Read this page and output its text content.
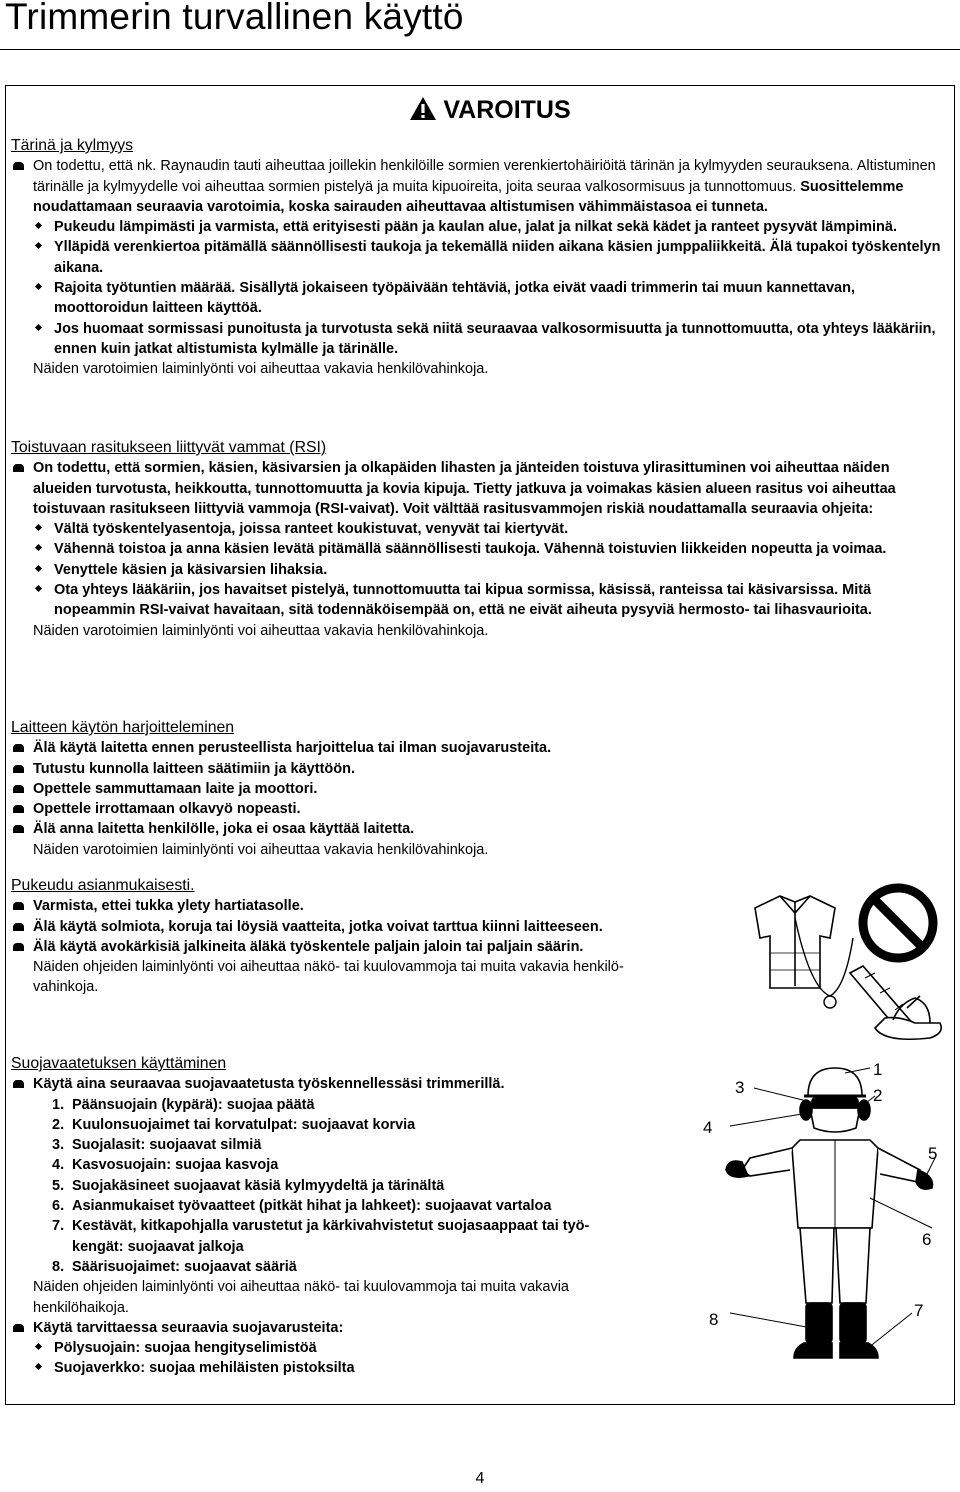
Trimmerin turvallinen käyttö
VAROITUS
Tärinä ja kylmyys
On todettu, että nk. Raynaudin tauti aiheuttaa joillekin henkilöille sormien verenkiertohäiriöitä tärinän ja kylmyyden seurauksena. Altistuminen tärinälle ja kylmyydelle voi aiheuttaa sormien pistelyä ja muita kipuoireita, joita seuraa valkosormisuus ja tunnottomuus. Suosittelemme noudattamaan seuraavia varotoimia, koska sairauden aiheuttavaa altistumisen vähimmäistasoa ei tunneta.
Pukeudu lämpimästi ja varmista, että erityisesti pään ja kaulan alue, jalat ja nilkat sekä kädet ja ranteet pysyvät lämpiminä.
Ylläpidä verenkiertoa pitämällä säännöllisesti taukoja ja tekemällä niiden aikana käsien jumppaliikkeitä. Älä tupakoi työskentelyn aikana.
Rajoita työtuntien määrää. Sisällytä jokaiseen työpäivään tehtäviä, jotka eivät vaadi trimmerin tai muun kannettavan, moottoroidun laitteen käyttöä.
Jos huomaat sormissasi punoitusta ja turvotusta sekä niitä seuraavaa valkosormisuutta ja tunnottomuutta, ota yhteys lääkäriin, ennen kuin jatkat altistumista kylmälle ja tärinälle.
Näiden varotoimien laiminlyönti voi aiheuttaa vakavia henkilövahinkoja.
Toistuvaan rasitukseen liittyvät vammat (RSI)
On todettu, että sormien, käsien, käsivarsien ja olkapäiden lihasten ja jänteiden toistuva ylirasittuminen voi aiheuttaa näiden alueiden turvotusta, heikkoutta, tunnottomuutta ja kovia kipuja. Tietty jatkuva ja voimakas käsien alueen rasitus voi aiheuttaa toistuvaan rasitukseen liittyviä vammoja (RSI-vaivat). Voit välttää rasitusvammojen riskiä noudattamalla seuraavia ohjeita:
Vältä työskentelyasentoja, joissa ranteet koukistuvat, venyvät tai kiertyvät.
Vähennä toistoa ja anna käsien levätä pitämällä säännöllisesti taukoja. Vähennä toistuvien liikkeiden nopeutta ja voimaa.
Venyttele käsien ja käsivarsien lihaksia.
Ota yhteys lääkäriin, jos havaitset pistelyä, tunnottomuutta tai kipua sormissa, käsissä, ranteissa tai käsivarsissa. Mitä nopeammin RSI-vaivat havaitaan, sitä todennäköisempää on, että ne eivät aiheuta pysyviä hermosto- tai lihasvaurioita.
Näiden varotoimien laiminlyönti voi aiheuttaa vakavia henkilövahinkoja.
Laitteen käytön harjoitteleminen
Älä käytä laitetta ennen perusteellista harjoittelua tai ilman suojavarusteita.
Tutustu kunnolla laitteen säätimiin ja käyttöön.
Opettele sammuttamaan laite ja moottori.
Opettele irrottamaan olkavyö nopeasti.
Älä anna laitetta henkilölle, joka ei osaa käyttää laitetta.
Näiden varotoimien laiminlyönti voi aiheuttaa vakavia henkilövahinkoja.
Pukeudu asianmukaisesti.
Varmista, ettei tukka ylety hartiatasolle.
Älä käytä solmiota, koruja tai löysiä vaatteita, jotka voivat tarttua kiinni laitteeseen.
Älä käytä avokärkisiä jalkineita äläkä työskentele paljain jaloin tai paljain säärin.
Näiden ohjeiden laiminlyönti voi aiheuttaa näkö- tai kuulovammoja tai muita vakavia henkilö-
vahinkoja.
Suojavaatetuksen käyttäminen
Käytä aina seuraavaa suojavaatetusta työskennellessäsi trimmerillä.
1. Päänsuojain (kypärä): suojaa päätä
2. Kuulonsuojaimet tai korvatulpat: suojaavat korvia
3. Suojalasit: suojaavat silmiä
4. Kasvosuojain: suojaa kasvoja
5. Suojakäsineet suojaavat käsiä kylmyydeltä ja tärinältä
6. Asianmukaiset työvaatteet (pitkät hihat ja lahkeet): suojaavat vartaloa
7. Kestävät, kitkapohjalla varustetut ja kärkivahvistetut suojasaappaat tai työ-
kengät: suojaavat jalkoja
8. Säärisuojaimet: suojaavat sääriä
Näiden ohjeiden laiminlyönti voi aiheuttaa näkö- tai kuulovammoja tai muita vakavia
henkilöhaikoja.
Käytä tarvittaessa seuraavia suojavarusteita:
Pölysuojain: suojaa hengityselimistöä
Suojaverkko: suojaa mehiläisten pistoksilta
1
2
3
4
5
6
7
8
4
